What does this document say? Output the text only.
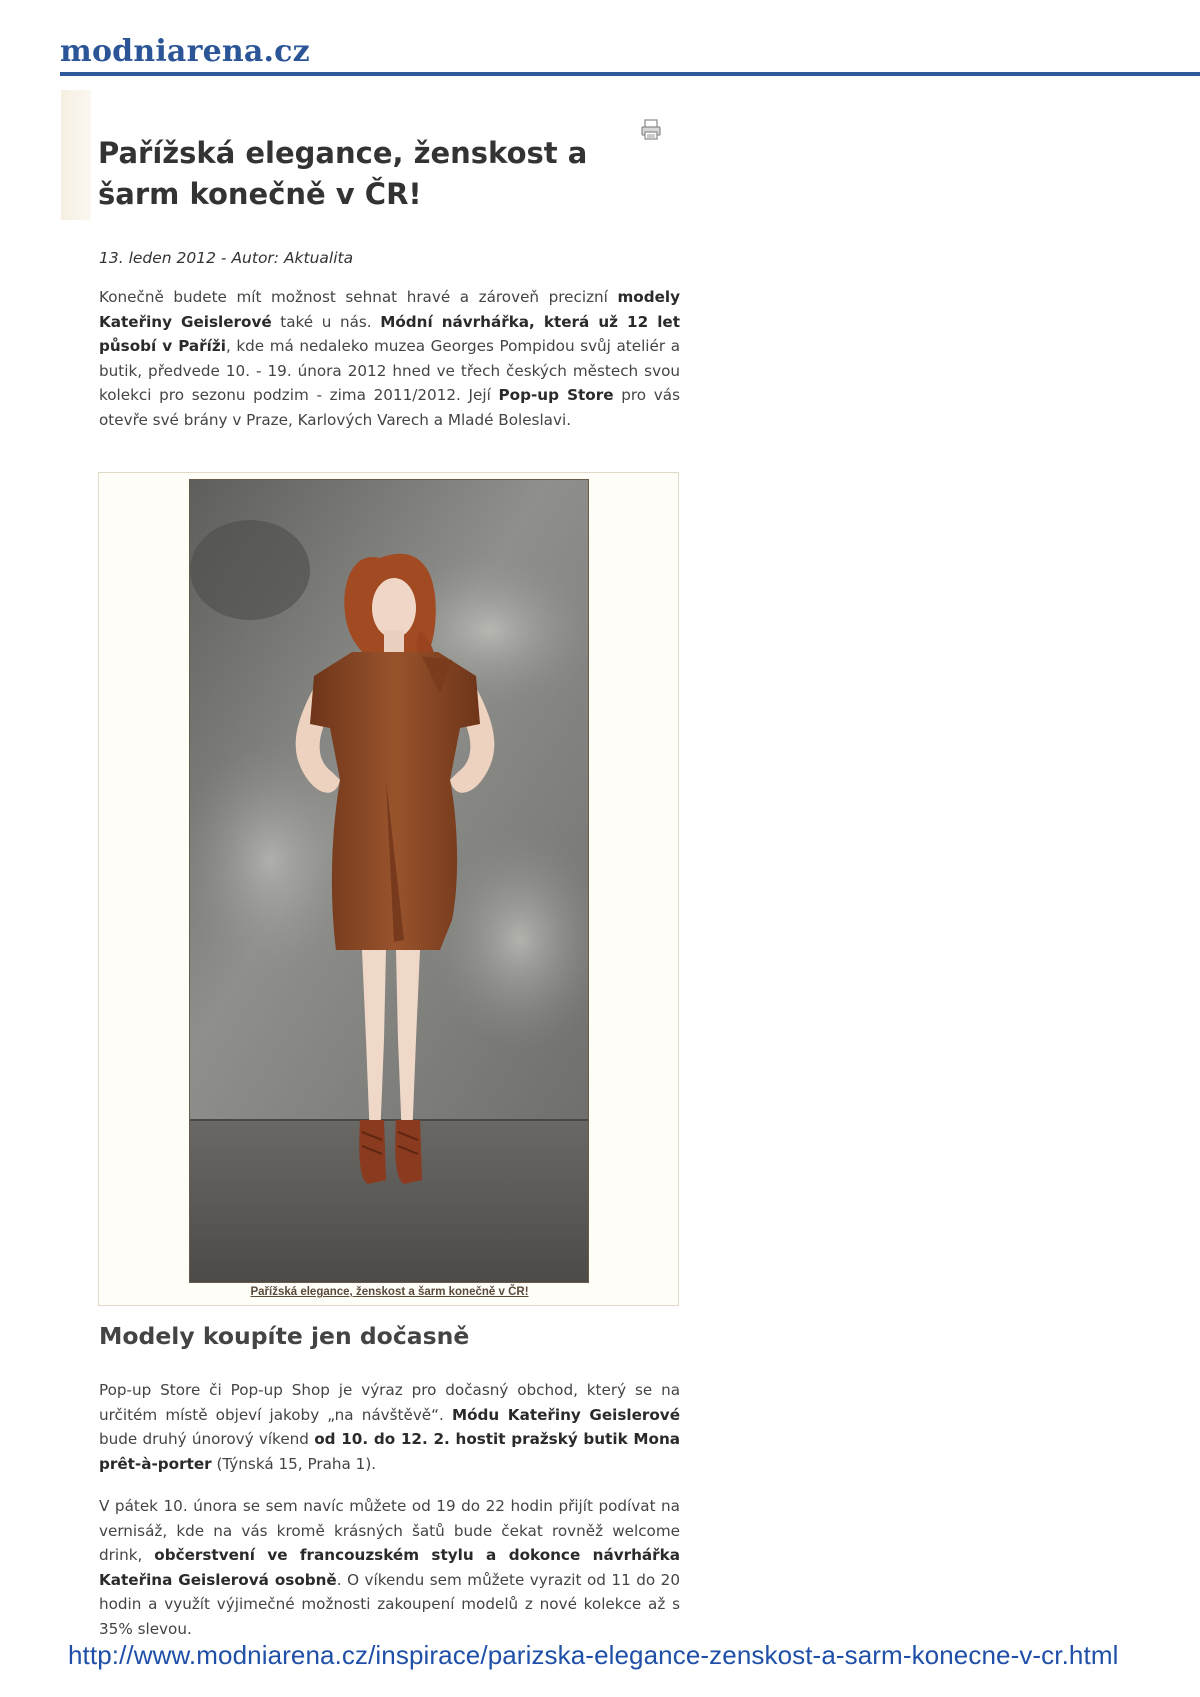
modniarena.cz
Pařížská elegance, ženskost a šarm konečně v ČR!
13. leden 2012 - Autor: Aktualita

Konečně budete mít možnost sehnat hravé a zároveň precizní modely Kateřiny Geislerové také u nás. Módní návrhářka, která už 12 let působí v Paříži, kde má nedaleko muzea Georges Pompidou svůj ateliér a butik, předvede 10. - 19. února 2012 hned ve třech českých městech svou kolekci pro sezonu podzim - zima 2011/2012. Její Pop-up Store pro vás otevře své brány v Praze, Karlových Varech a Mladé Boleslavi.

Pařížská elegance, ženskost a šarm konečně v ČR!
Modely koupíte jen dočasně

Pop-up Store či Pop-up Shop je výraz pro dočasný obchod, který se na určitém místě objeví jakoby „na návštěvě“. Módu Kateřiny Geislerové bude druhý únorový víkend od 10. do 12. 2. hostit pražský butik Mona prêt-à-porter (Týnská 15, Praha 1).

V pátek 10. února se sem navíc můžete od 19 do 22 hodin přijít podívat na vernisáž, kde na vás kromě krásných šatů bude čekat rovněž welcome drink, občerstvení ve francouzském stylu a dokonce návrhářka Kateřina Geislerová osobně. O víkendu sem můžete vyrazit od 11 do 20 hodin a využít výjimečné možnosti zakoupení modelů z nové kolekce až s 35% slevou.

http://www.modniarena.cz/inspirace/parizska-elegance-zenskost-a-sarm-konecne-v-cr.html
